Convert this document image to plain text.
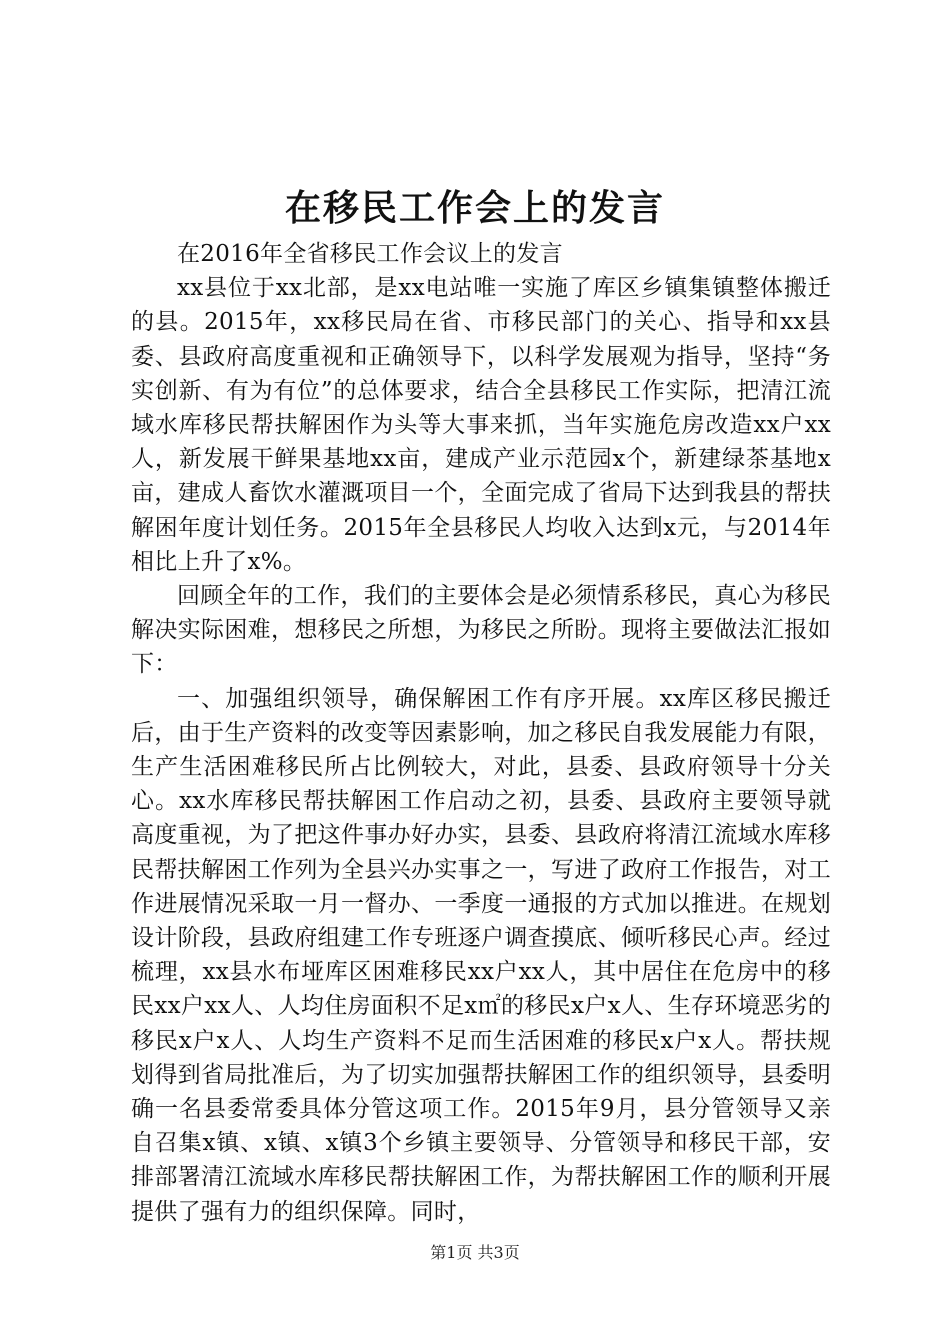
在移民工作会上的发言

在2016年全省移民工作会议上的发言

xx县位于xx北部，是xx电站唯一实施了库区乡镇集镇整体搬迁的县。2015年，xx移民局在省、市移民部门的关心、指导和xx县委、县政府高度重视和正确领导下，以科学发展观为指导，坚持“务实创新、有为有位”的总体要求，结合全县移民工作实际，把清江流域水库移民帮扶解困作为头等大事来抓，当年实施危房改造xx户xx人，新发展干鲜果基地xx亩，建成产业示范园x个，新建绿茶基地x亩，建成人畜饮水灌溉项目一个，全面完成了省局下达到我县的帮扶解困年度计划任务。2015年全县移民人均收入达到x元，与2014年相比上升了x%。

回顾全年的工作，我们的主要体会是必须情系移民，真心为移民解决实际困难，想移民之所想，为移民之所盼。现将主要做法汇报如下：

一、加强组织领导，确保解困工作有序开展。xx库区移民搬迁后，由于生产资料的改变等因素影响，加之移民自我发展能力有限，生产生活困难移民所占比例较大，对此，县委、县政府领导十分关心。xx水库移民帮扶解困工作启动之初，县委、县政府主要领导就高度重视，为了把这件事办好办实，县委、县政府将清江流域水库移民帮扶解困工作列为全县兴办实事之一，写进了政府工作报告，对工作进展情况采取一月一督办、一季度一通报的方式加以推进。在规划设计阶段，县政府组建工作专班逐户调查摸底、倾听移民心声。经过梳理，xx县水布垭库区困难移民xx户xx人，其中居住在危房中的移民xx户xx人、人均住房面积不足x㎡的移民x户x人、生存环境恶劣的移民x户x人、人均生产资料不足而生活困难的移民x户x人。帮扶规划得到省局批准后，为了切实加强帮扶解困工作的组织领导，县委明确一名县委常委具体分管这项工作。2015年9月，县分管领导又亲自召集x镇、x镇、x镇3个乡镇主要领导、分管领导和移民干部，安排部署清江流域水库移民帮扶解困工作，为帮扶解困工作的顺利开展提供了强有力的组织保障。同时，

第1页 共3页
